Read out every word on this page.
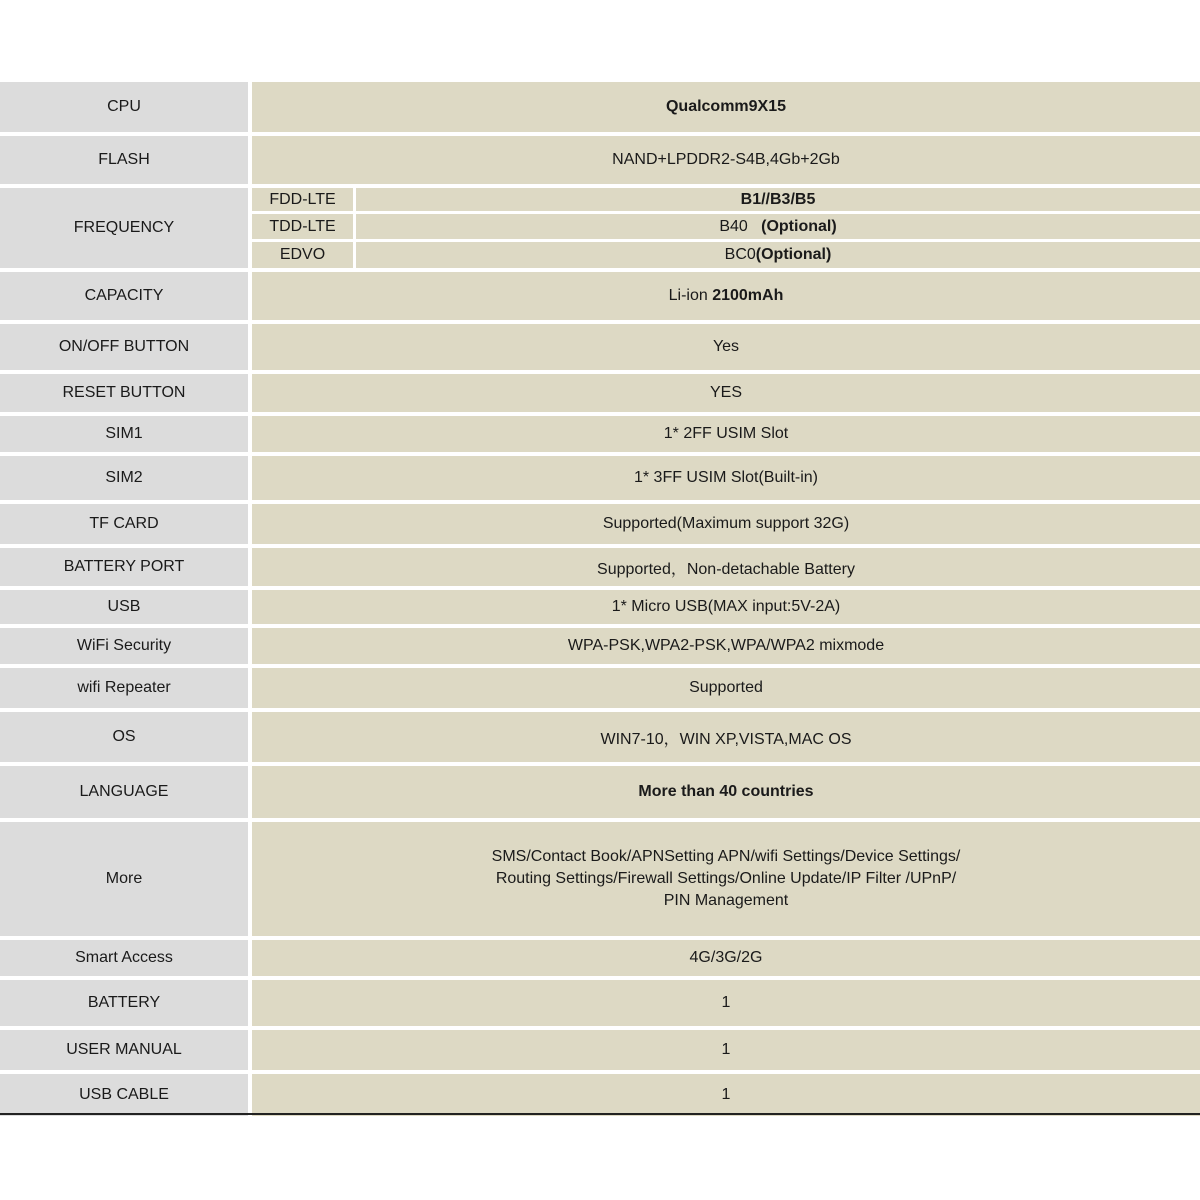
CPU	Qualcomm9X15
FLASH	NAND+LPDDR2-S4B,4Gb+2Gb
FREQUENCY	
FDD-LTE	B1//B3/B5
TDD-LTE	B40 (Optional)
EDVO	BC0(Optional)

CAPACITY	Li-ion 2100mAh
ON/OFF BUTTON	Yes
RESET BUTTON	YES
SIM1	1* 2FF USIM Slot
SIM2	1* 3FF USIM Slot(Built-in)
TF CARD	Supported(Maximum support 32G)
BATTERY PORT	Supported，Non-detachable Battery
USB	1* Micro USB(MAX input:5V-2A)
WiFi Security	WPA-PSK,WPA2-PSK,WPA/WPA2 mixmode
wifi Repeater	Supported
OS	WIN7-10，WIN XP,VISTA,MAC OS
LANGUAGE	More than 40 countries
More	
SMS/Contact Book/APNSetting APN/wifi Settings/Device Settings/
Routing Settings/Firewall Settings/Online Update/IP Filter /UPnP/
PIN Management

Smart Access	4G/3G/2G
BATTERY	1
USER MANUAL	1
USB CABLE	1
